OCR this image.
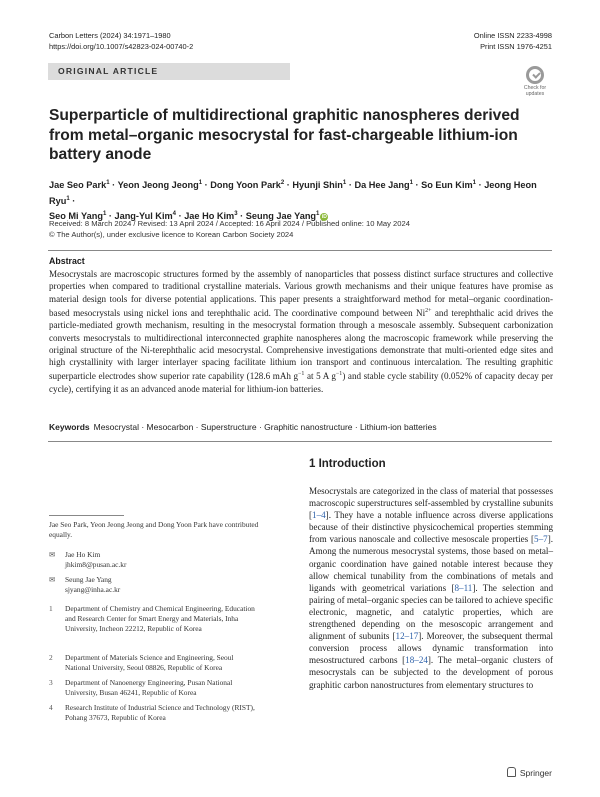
Carbon Letters (2024) 34:1971–1980
https://doi.org/10.1007/s42823-024-00740-2
Online ISSN 2233-4998
Print ISSN 1976-4251
ORIGINAL ARTICLE
Check for updates
Superparticle of multidirectional graphitic nanospheres derived from metal–organic mesocrystal for fast-chargeable lithium-ion battery anode
Jae Seo Park$^1$ · Yeon Jeong Jeong$^1$ · Dong Yoon Park$^2$ · Hyunji Shin$^1$ · Da Hee Jang$^1$ · So Eun Kim$^1$ · Jeong Heon Ryu$^1$ ·
Seo Mi Yang$^1$ · Jang-Yul Kim$^4$ · Jae Ho Kim$^3$ · Seung Jae Yang$^1$iD
Received: 8 March 2024 / Revised: 13 April 2024 / Accepted: 16 April 2024 / Published online: 10 May 2024
© The Author(s), under exclusive licence to Korean Carbon Society 2024
Abstract
Mesocrystals are macroscopic structures formed by the assembly of nanoparticles that possess distinct surface structures and collective properties when compared to traditional crystalline materials. Various growth mechanisms and their unique features have promise as material design tools for diverse potential applications. This paper presents a straightforward method for metal–organic coordination-based mesocrystals using nickel ions and terephthalic acid. The coordinative compound between $Ni^{2+}$ and terephthalic acid drives the particle-mediated growth mechanism, resulting in the mesocrystal formation through a mesoscale assembly. Subsequent carbonization converts mesocrystals to multidirectional interconnected graphite nanospheres along the macroscopic framework while preserving the original structure of the Ni-terephthalic acid mesocrystal. Comprehensive investigations demonstrate that multi-oriented edge sites and high crystallinity with larger interlayer spacing facilitate lithium ion transport and continuous intercalation. The resulting graphitic superparticle electrodes show superior rate capability (128.6 mAh $g^{-1}$ at 5 A $g^{-1}$) and stable cycle stability (0.052% of capacity decay per cycle), certifying it as an advanced anode material for lithium-ion batteries.
Keywords Mesocrystal · Mesocarbon · Superstructure · Graphitic nanostructure · Lithium-ion batteries
1 Introduction
Mesocrystals are categorized in the class of material that possesses macroscopic superstructures self-assembled by crystalline subunits [1–4]. They have a notable influence across diverse applications because of their distinctive physicochemical properties stemming from various nanoscale and collective mesoscale properties [5–7]. Among the numerous mesocrystal systems, those based on metal–organic coordination have gained notable interest because they allow chemical tunability from the combinations of metals and ligands with geometrical variations [8–11]. The selection and pairing of metal–organic species can be tailored to achieve specific electronic, magnetic, and catalytic properties, which are strengthened depending on the mesoscopic arrangement and alignment of subunits [12–17]. Moreover, the subsequent thermal conversion process allows dynamic transformation into mesostructured carbons [18–24]. The metal–organic clusters of mesocrystals can be subjected to the development of porous graphitic carbon nanostructures from elementary structures to
Jae Seo Park, Yeon Jeong Jeong and Dong Yoon Park have contributed equally.
✉	Jae Ho Kim
jhkim8@pusan.ac.kr
✉	Seung Jae Yang
sjyang@inha.ac.kr
1	Department of Chemistry and Chemical Engineering, Education and Research Center for Smart Energy and Materials, Inha University, Incheon 22212, Republic of Korea
2	Department of Materials Science and Engineering, Seoul National University, Seoul 08826, Republic of Korea
3	Department of Nanoenergy Engineering, Pusan National University, Busan 46241, Republic of Korea
4	Research Institute of Industrial Science and Technology (RIST), Pohang 37673, Republic of Korea
Springer
